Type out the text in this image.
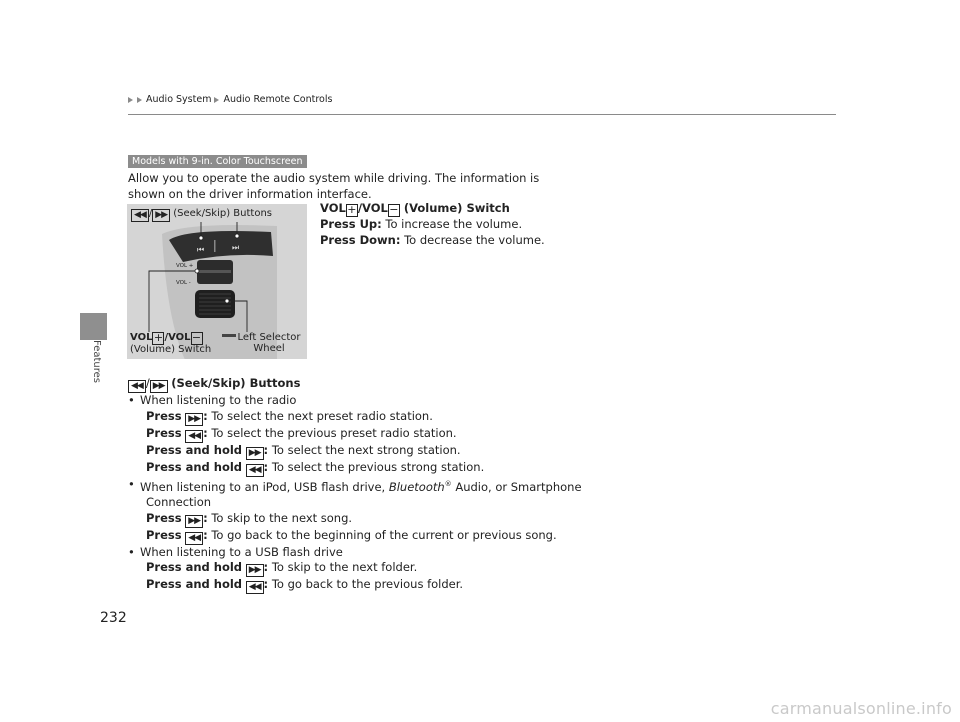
Audio System Audio Remote Controls
Features
Models with 9-in. Color Touchscreen
Allow you to operate the audio system while driving. The information is shown on the driver information interface.
VOL+/VOL− (Volume) Switch
Press Up: To increase the volume.
Press Down: To decrease the volume.
⏮	⏭
VOL +
VOL -
◀◀ / ▶▶ (Seek/Skip) Buttons
VOL+/VOL−
(Volume) Switch
Left Selector
Wheel
◀◀ / ▶▶ (Seek/Skip) Buttons
• When listening to the radio
Press ▶▶ : To select the next preset radio station.
Press ◀◀ : To select the previous preset radio station.
Press and hold ▶▶ : To select the next strong station.
Press and hold ◀◀ : To select the previous strong station.
• When listening to an iPod, USB flash drive, Bluetooth® Audio, or Smartphone
Connection
Press ▶▶ : To skip to the next song.
Press ◀◀ : To go back to the beginning of the current or previous song.
• When listening to a USB flash drive
Press and hold ▶▶ : To skip to the next folder.
Press and hold ◀◀ : To go back to the previous folder.
232
carmanualsonline.info
